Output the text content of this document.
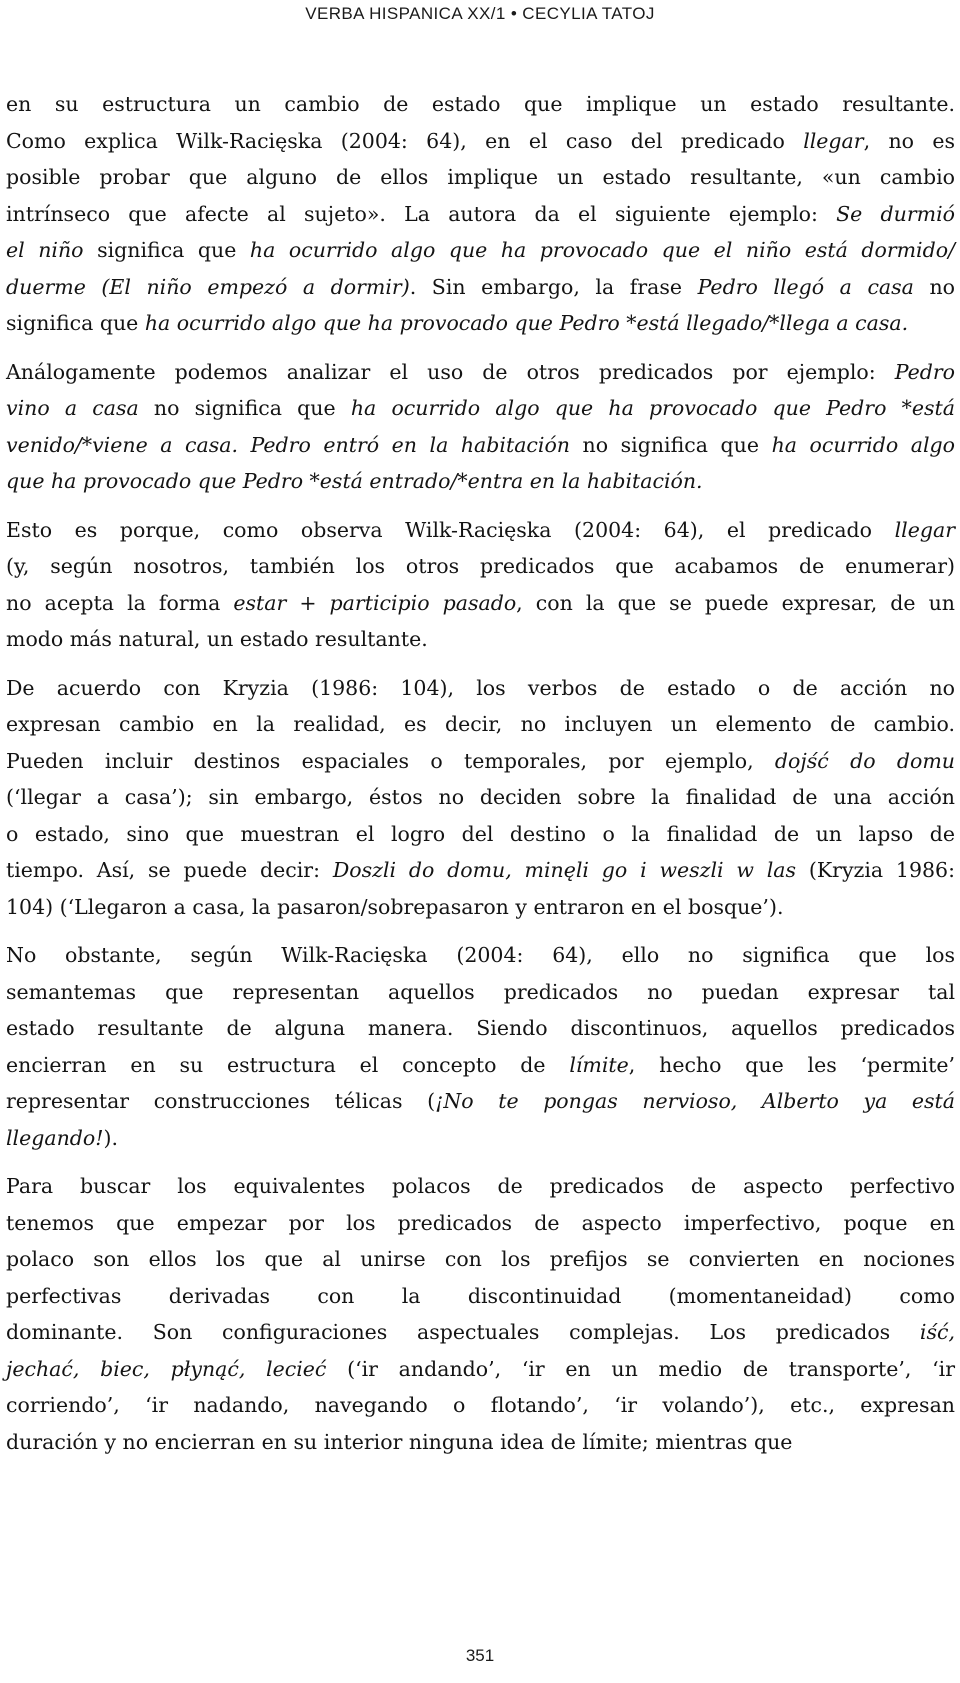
VERBA HISPANICA XX/1 • CECYLIA TATOJ
en su estructura un cambio de estado que implique un estado resultante.
Como explica Wilk-Racięska (2004: 64), en el caso del predicado llegar, no es
posible probar que alguno de ellos implique un estado resultante, «un cambio
intrínseco que afecte al sujeto». La autora da el siguiente ejemplo: Se durmió
el niño significa que ha ocurrido algo que ha provocado que el niño está dormido/
duerme (El niño empezó a dormir). Sin embargo, la frase Pedro llegó a casa no
significa que ha ocurrido algo que ha provocado que Pedro *está llegado/*llega a casa.
Análogamente podemos analizar el uso de otros predicados por ejemplo: Pedro
vino a casa no significa que ha ocurrido algo que ha provocado que Pedro *está
venido/*viene a casa. Pedro entró en la habitación no significa que ha ocurrido algo
que ha provocado que Pedro *está entrado/*entra en la habitación.
Esto es porque, como observa Wilk-Racięska (2004: 64), el predicado llegar
(y, según nosotros, también los otros predicados que acabamos de enumerar)
no acepta la forma estar + participio pasado, con la que se puede expresar, de un
modo más natural, un estado resultante.
De acuerdo con Kryzia (1986: 104), los verbos de estado o de acción no
expresan cambio en la realidad, es decir, no incluyen un elemento de cambio.
Pueden incluir destinos espaciales o temporales, por ejemplo, dojść do domu
(‘llegar a casa’); sin embargo, éstos no deciden sobre la finalidad de una acción
o estado, sino que muestran el logro del destino o la finalidad de un lapso de
tiempo. Así, se puede decir: Doszli do domu, minęli go i weszli w las (Kryzia 1986:
104) (‘Llegaron a casa, la pasaron/sobrepasaron y entraron en el bosque’).
No obstante, según Wilk-Racięska (2004: 64), ello no significa que los
semantemas que representan aquellos predicados no puedan expresar tal
estado resultante de alguna manera. Siendo discontinuos, aquellos predicados
encierran en su estructura el concepto de límite, hecho que les ‘permite’
representar construcciones télicas (¡No te pongas nervioso, Alberto ya está
llegando!).
Para buscar los equivalentes polacos de predicados de aspecto perfectivo
tenemos que empezar por los predicados de aspecto imperfectivo, poque en
polaco son ellos los que al unirse con los prefijos se convierten en nociones
perfectivas derivadas con la discontinuidad (momentaneidad) como
dominante. Son configuraciones aspectuales complejas. Los predicados iść,
jechać, biec, płynąć, lecieć (‘ir andando’, ‘ir en un medio de transporte’, ‘ir
corriendo’, ‘ir nadando, navegando o flotando’, ‘ir volando’), etc., expresan
duración y no encierran en su interior ninguna idea de límite; mientras que
351
